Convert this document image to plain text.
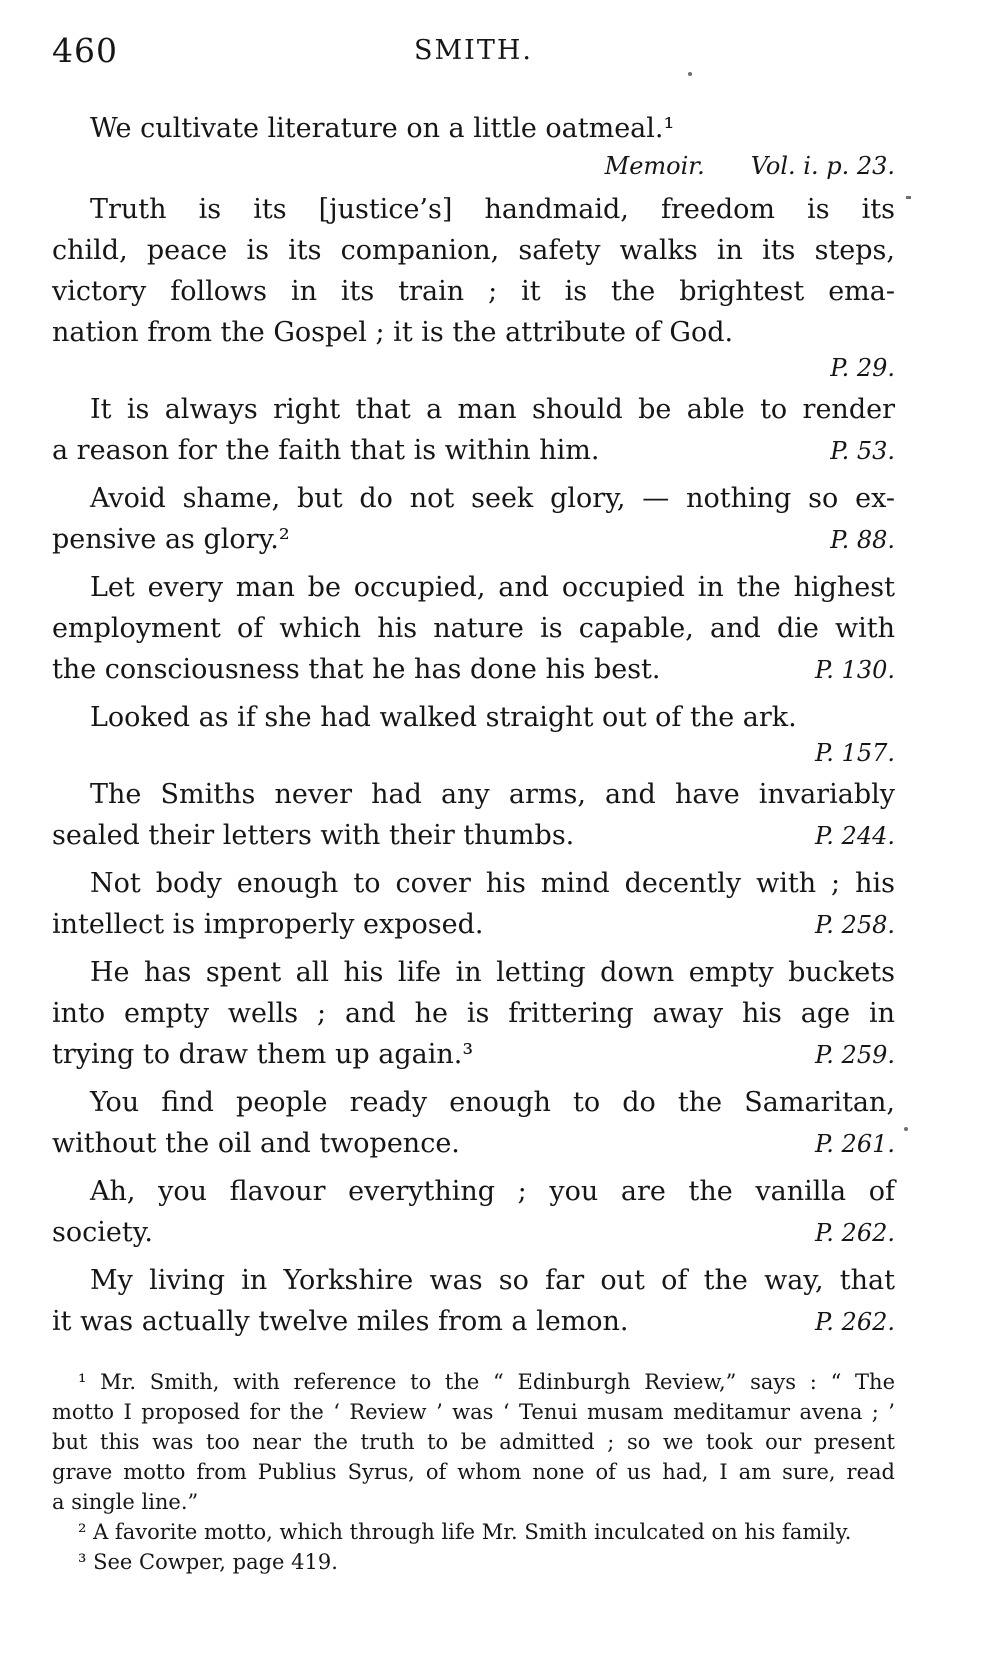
460	SMITH.
We cultivate literature on a little oatmeal.¹
Memoir. Vol. i. p. 23.
Truth is its [justice’s] handmaid, freedom is its
child, peace is its companion, safety walks in its steps,
victory follows in its train ; it is the brightest ema-
nation from the Gospel ; it is the attribute of God.
P. 29.
It is always right that a man should be able to render
a reason for the faith that is within him.	P. 53.
Avoid shame, but do not seek glory, — nothing so ex-
pensive as glory.²	P. 88.
Let every man be occupied, and occupied in the highest
employment of which his nature is capable, and die with
the consciousness that he has done his best.	P. 130.
Looked as if she had walked straight out of the ark.
P. 157.
The Smiths never had any arms, and have invariably
sealed their letters with their thumbs.	P. 244.
Not body enough to cover his mind decently with ; his
intellect is improperly exposed.	P. 258.
He has spent all his life in letting down empty buckets
into empty wells ; and he is frittering away his age in
trying to draw them up again.³	P. 259.
You find people ready enough to do the Samaritan,
without the oil and twopence.	P. 261.
Ah, you flavour everything ; you are the vanilla of
society.	P. 262.
My living in Yorkshire was so far out of the way, that
it was actually twelve miles from a lemon.	P. 262.
¹ Mr. Smith, with reference to the “ Edinburgh Review,” says : “ The
motto I proposed for the ‘ Review ’ was ‘ Tenui musam meditamur avena ; ’
but this was too near the truth to be admitted ; so we took our present
grave motto from Publius Syrus, of whom none of us had, I am sure, read
a single line.”
² A favorite motto, which through life Mr. Smith inculcated on his family.
³ See Cowper, page 419.
